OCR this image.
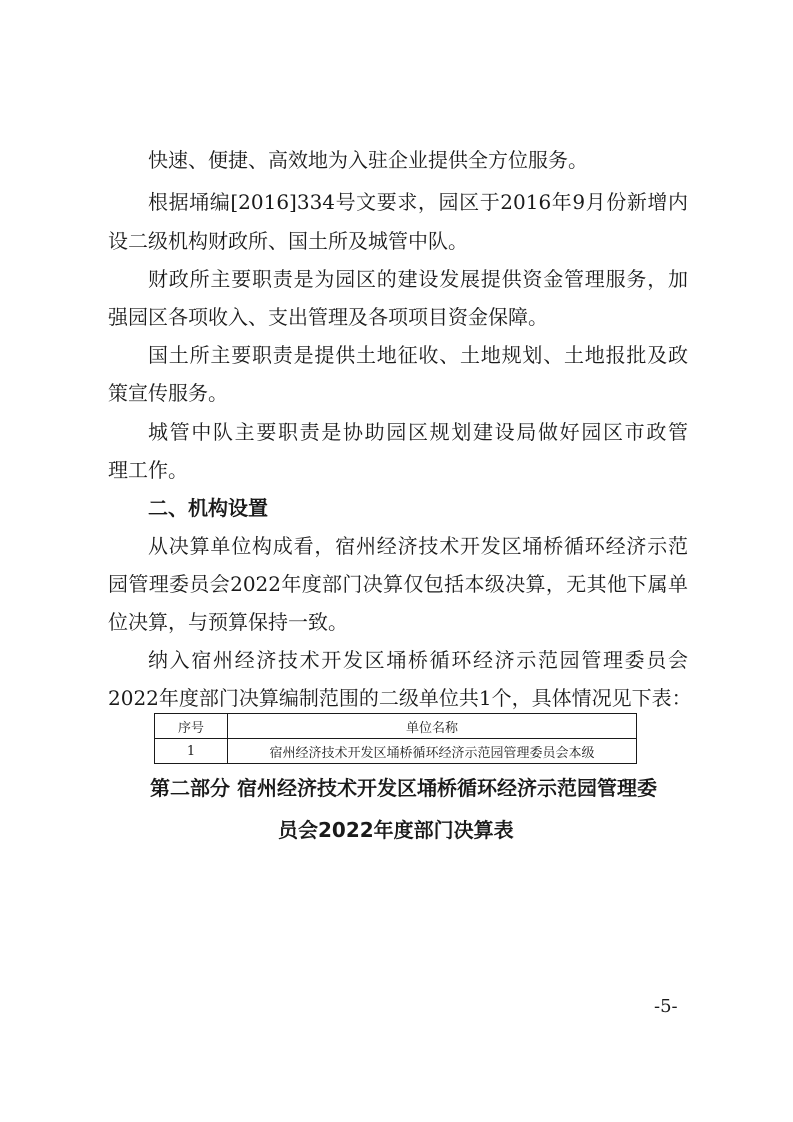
快速、便捷、高效地为入驻企业提供全方位服务。
根据埇编[2016]334号文要求，园区于2016年9月份新增内
设二级机构财政所、国土所及城管中队。
财政所主要职责是为园区的建设发展提供资金管理服务，加
强园区各项收入、支出管理及各项项目资金保障。
国土所主要职责是提供土地征收、土地规划、土地报批及政
策宣传服务。
城管中队主要职责是协助园区规划建设局做好园区市政管
理工作。
二、机构设置
从决算单位构成看，宿州经济技术开发区埇桥循环经济示范
园管理委员会2022年度部门决算仅包括本级决算，无其他下属单
位决算，与预算保持一致。
纳入宿州经济技术开发区埇桥循环经济示范园管理委员会
2022年度部门决算编制范围的二级单位共1个，具体情况见下表：
序号	单位名称
1	宿州经济技术开发区埇桥循环经济示范园管理委员会本级
第二部分 宿州经济技术开发区埇桥循环经济示范园管理委
员会2022年度部门决算表
-5-
